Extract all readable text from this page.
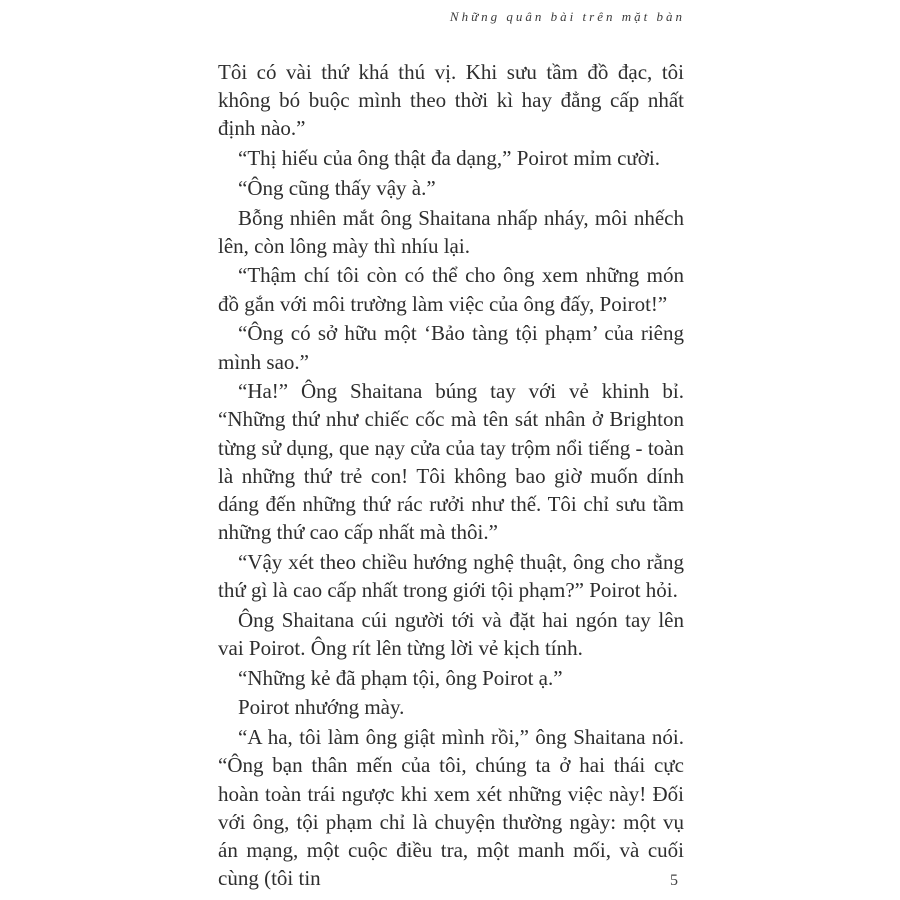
Những quân bài trên mặt bàn

Tôi có vài thứ khá thú vị. Khi sưu tầm đồ đạc, tôi không bó buộc mình theo thời kì hay đẳng cấp nhất định nào.”

“Thị hiếu của ông thật đa dạng,” Poirot mỉm cười.

“Ông cũng thấy vậy à.”

Bỗng nhiên mắt ông Shaitana nhấp nháy, môi nhếch lên, còn lông mày thì nhíu lại.

“Thậm chí tôi còn có thể cho ông xem những món đồ gắn với môi trường làm việc của ông đấy, Poirot!”

“Ông có sở hữu một ‘Bảo tàng tội phạm’ của riêng mình sao.”

“Ha!” Ông Shaitana búng tay với vẻ khinh bỉ. “Những thứ như chiếc cốc mà tên sát nhân ở Brighton từng sử dụng, que nạy cửa của tay trộm nổi tiếng - toàn là những thứ trẻ con! Tôi không bao giờ muốn dính dáng đến những thứ rác rưởi như thế. Tôi chỉ sưu tầm những thứ cao cấp nhất mà thôi.”

“Vậy xét theo chiều hướng nghệ thuật, ông cho rằng thứ gì là cao cấp nhất trong giới tội phạm?” Poirot hỏi.

Ông Shaitana cúi người tới và đặt hai ngón tay lên vai Poirot. Ông rít lên từng lời vẻ kịch tính.

“Những kẻ đã phạm tội, ông Poirot ạ.”

Poirot nhướng mày.

“A ha, tôi làm ông giật mình rồi,” ông Shaitana nói. “Ông bạn thân mến của tôi, chúng ta ở hai thái cực hoàn toàn trái ngược khi xem xét những việc này! Đối với ông, tội phạm chỉ là chuyện thường ngày: một vụ án mạng, một cuộc điều tra, một manh mối, và cuối cùng (tôi tin	5
